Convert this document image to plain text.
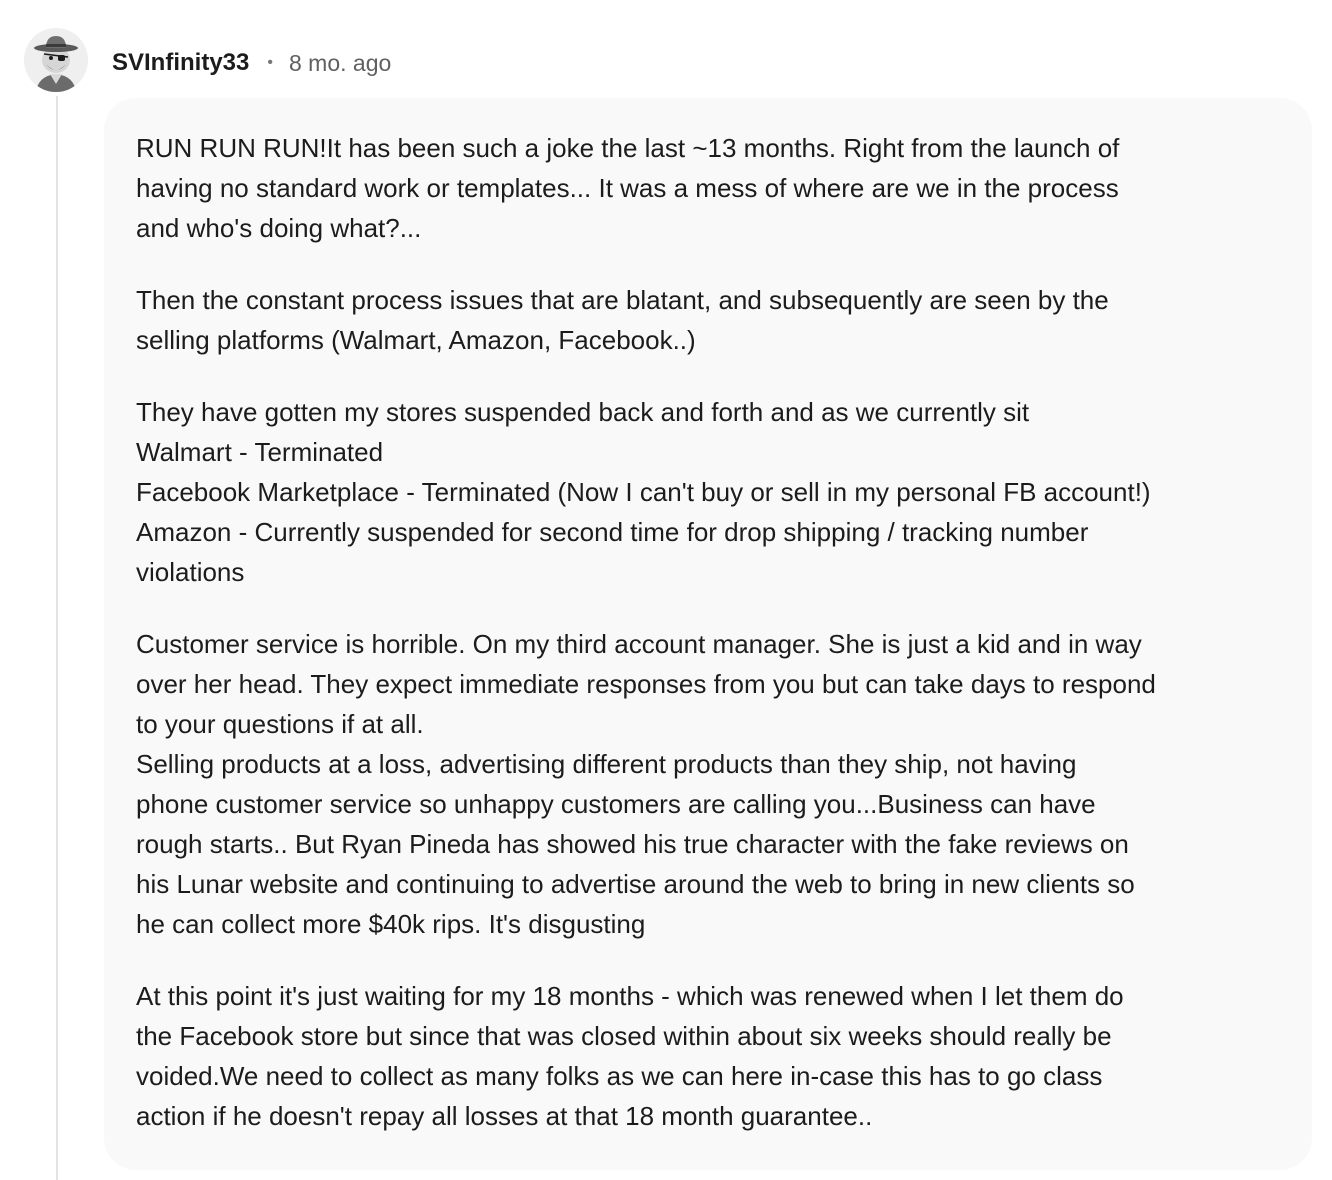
SVInfinity33 • 8 mo. ago

RUN RUN RUN!It has been such a joke the last ~13 months. Right from the launch of
having no standard work or templates... It was a mess of where are we in the process
and who's doing what?...

Then the constant process issues that are blatant, and subsequently are seen by the
selling platforms (Walmart, Amazon, Facebook..)

They have gotten my stores suspended back and forth and as we currently sit
Walmart - Terminated
Facebook Marketplace - Terminated (Now I can't buy or sell in my personal FB account!)
Amazon - Currently suspended for second time for drop shipping / tracking number
violations

Customer service is horrible. On my third account manager. She is just a kid and in way
over her head. They expect immediate responses from you but can take days to respond
to your questions if at all.
Selling products at a loss, advertising different products than they ship, not having
phone customer service so unhappy customers are calling you...Business can have
rough starts.. But Ryan Pineda has showed his true character with the fake reviews on
his Lunar website and continuing to advertise around the web to bring in new clients so
he can collect more $40k rips. It's disgusting

At this point it's just waiting for my 18 months - which was renewed when I let them do
the Facebook store but since that was closed within about six weeks should really be
voided.We need to collect as many folks as we can here in-case this has to go class
action if he doesn't repay all losses at that 18 month guarantee..
